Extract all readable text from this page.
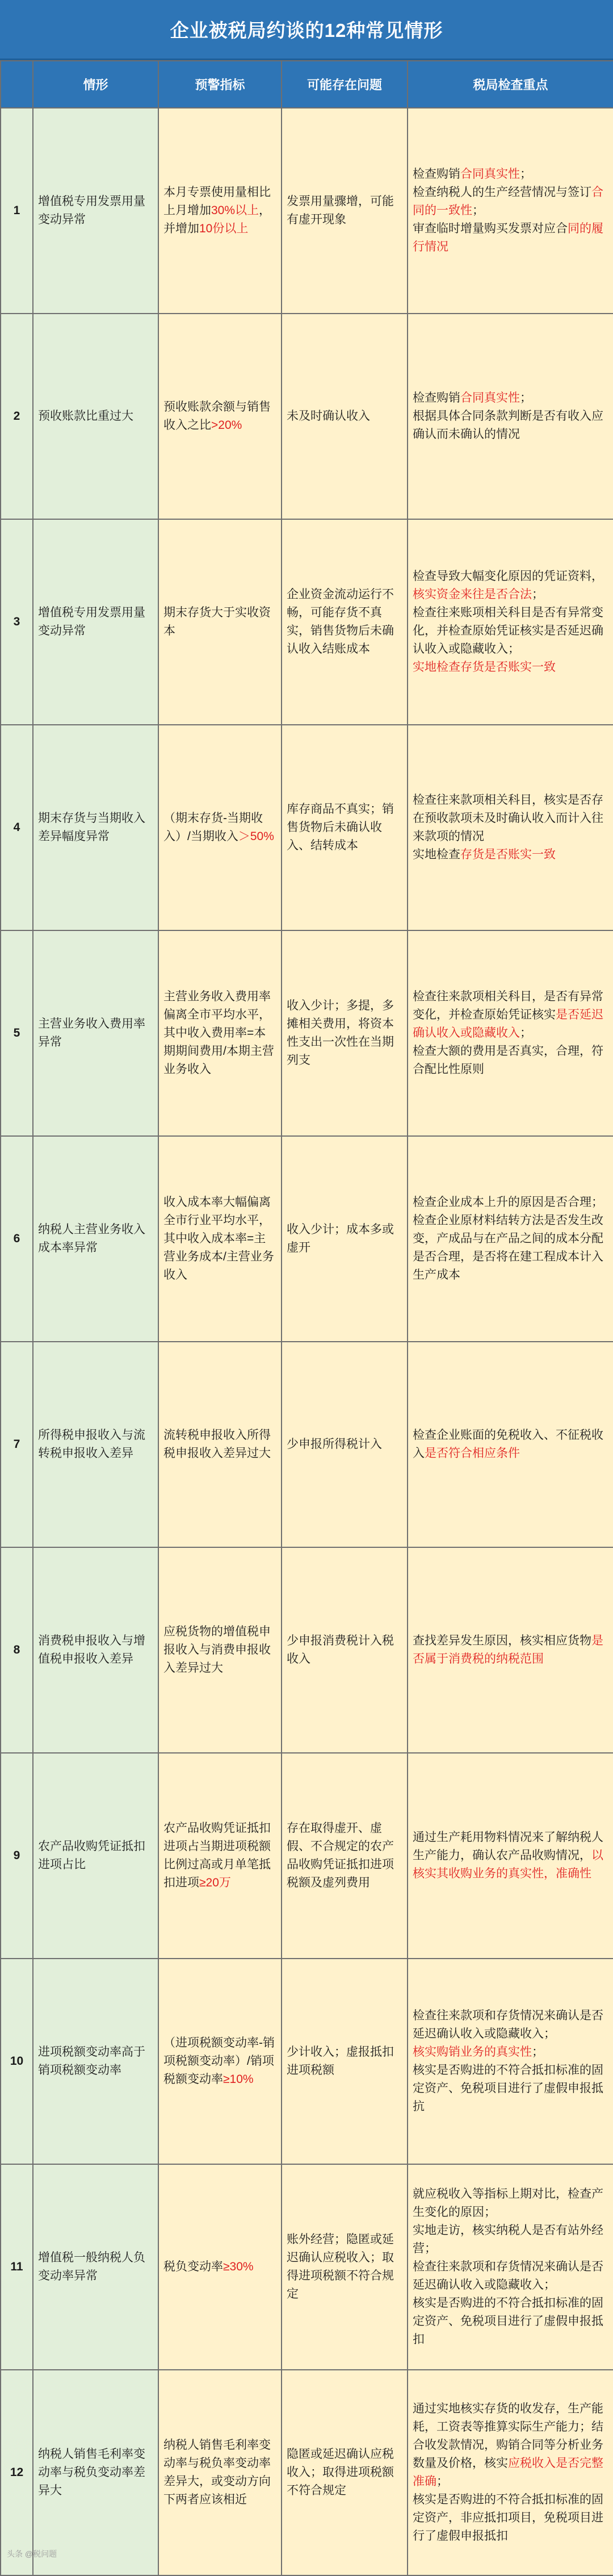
企业被税局约谈的12种常见情形
	情形	预警指标	可能存在问题	税局检查重点
1	增值税专用发票用量变动异常	本月专票使用量相比上月增加30%以上，并增加10份以上	发票用量骤增，可能有虚开现象	检查购销合同真实性；
检查纳税人的生产经营情况与签订合同的一致性；
审查临时增量购买发票对应合同的履行情况
2	预收账款比重过大	预收账款余额与销售收入之比>20%	未及时确认收入	检查购销合同真实性；
根据具体合同条款判断是否有收入应确认而未确认的情况
3	增值税专用发票用量变动异常	期末存货大于实收资本	企业资金流动运行不畅，可能存货不真实，销售货物后未确认收入结账成本	检查导致大幅变化原因的凭证资料，核实资金来往是否合法；
检查往来账项相关科目是否有异常变化，并检查原始凭证核实是否延迟确认收入或隐藏收入；
实地检查存货是否账实一致
4	期末存货与当期收入差异幅度异常	（期末存货-当期收入）/当期收入＞50%	库存商品不真实；销售货物后未确认收入、结转成本	检查往来款项相关科目，核实是否存在预收款项未及时确认收入而计入往来款项的情况
实地检查存货是否账实一致
5	主营业务收入费用率异常	主营业务收入费用率偏离全市平均水平，其中收入费用率=本期期间费用/本期主营业务收入	收入少计；多提，多摊相关费用，将资本性支出一次性在当期列支	检查往来款项相关科目，是否有异常变化，并检查原始凭证核实是否延迟确认收入或隐藏收入；
检查大额的费用是否真实，合理，符合配比性原则
6	纳税人主营业务收入成本率异常	收入成本率大幅偏离全市行业平均水平，其中收入成本率=主营业务成本/主营业务收入	收入少计；成本多或虚开	检查企业成本上升的原因是否合理；
检查企业原材料结转方法是否发生改变，产成品与在产品之间的成本分配是否合理，是否将在建工程成本计入生产成本
7	所得税申报收入与流转税申报收入差异	流转税申报收入所得税申报收入差异过大	少申报所得税计入	检查企业账面的免税收入、不征税收入是否符合相应条件
8	消费税申报收入与增值税申报收入差异	应税货物的增值税申报收入与消费申报收入差异过大	少申报消费税计入税收入	查找差异发生原因，核实相应货物是否属于消费税的纳税范围
9	农产品收购凭证抵扣进项占比	农产品收购凭证抵扣进项占当期进项税额比例过高或月单笔抵扣进项≥20万	存在取得虚开、虚假、不合规定的农产品收购凭证抵扣进项税额及虚列费用	通过生产耗用物料情况来了解纳税人生产能力，确认农产品收购情况，以核实其收购业务的真实性，准确性
10	进项税额变动率高于销项税额变动率	（进项税额变动率-销项税额变动率）/销项税额变动率≥10%	少计收入；虚报抵扣进项税额	检查往来款项和存货情况来确认是否延迟确认收入或隐藏收入；
核实购销业务的真实性；
核实是否购进的不符合抵扣标准的固定资产、免税项目进行了虚假申报抵抗
11	增值税一般纳税人负变动率异常	税负变动率≥30%	账外经营；隐匿或延迟确认应税收入；取得进项税额不符合规定	就应税收入等指标上期对比，检查产生变化的原因；
实地走访，核实纳税人是否有站外经营；
检查往来款项和存货情况来确认是否延迟确认收入或隐藏收入；
核实是否购进的不符合抵扣标准的固定资产、免税项目进行了虚假申报抵扣
12	纳税人销售毛利率变动率与税负变动率差异大	纳税人销售毛利率变动率与税负率变动率差异大，或变动方向下两者应该相近	隐匿或延迟确认应税收入；取得进项税额不符合规定	通过实地核实存货的收发存，生产能耗，工资表等推算实际生产能力；结合收发款情况，购销合同等分析业务数量及价格，核实应税收入是否完整准确；
核实是否购进的不符合抵扣标准的固定资产，非应抵扣项目，免税项目进行了虚假申报抵扣
头条 @税问题
